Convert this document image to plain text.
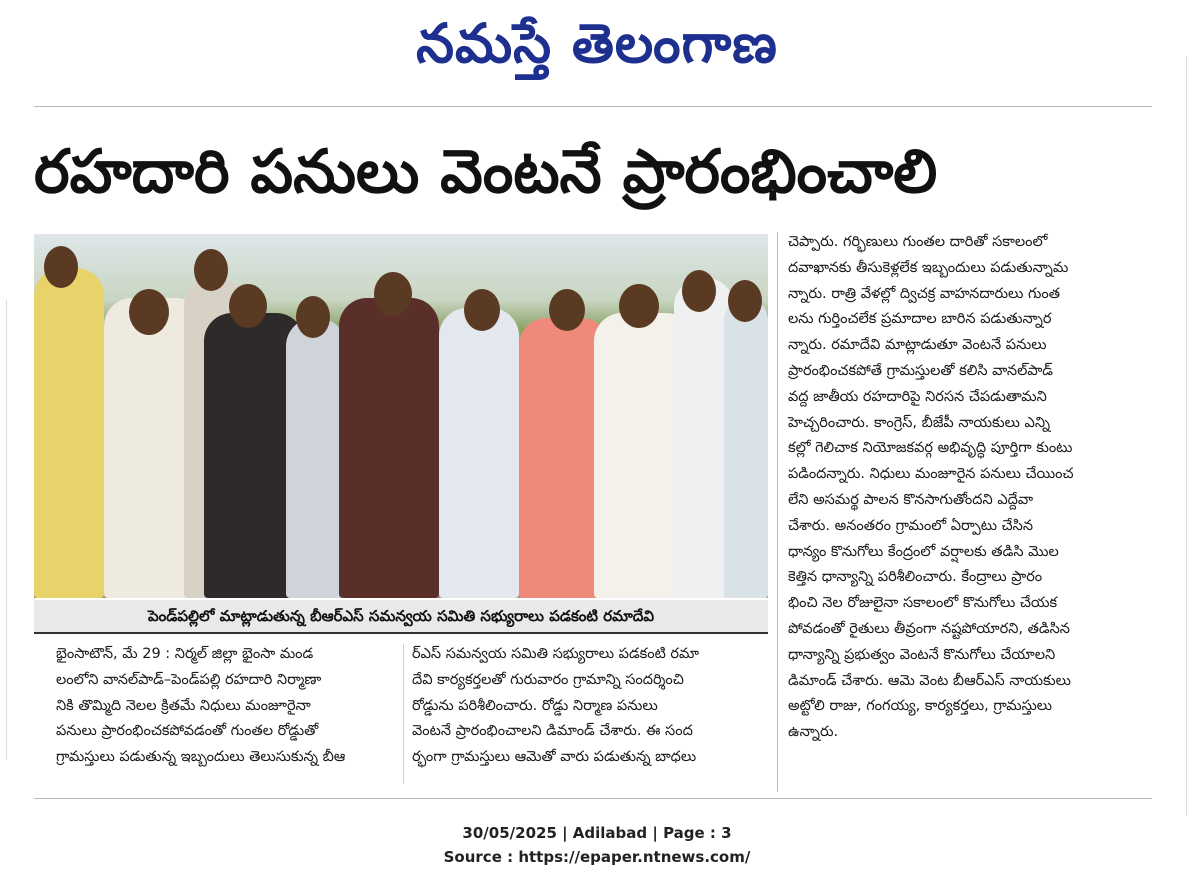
నమస్తే తెలంగాణ
రహదారి పనులు వెంటనే ప్రారంభించాలి
పెండ్‌పల్లిలో మాట్లాడుతున్న బీఆర్‌ఎస్ సమన్వయ సమితి సభ్యురాలు పడకంటి రమాదేవి
భైంసాటౌన్, మే 29 : నిర్మల్ జిల్లా భైంసా మండ
లంలోని వానల్‌పాడ్‌–పెండ్‌పల్లి రహదారి నిర్మాణా
నికి తొమ్మిది నెలల క్రితమే నిధులు మంజూరైనా
పనులు ప్రారంభించకపోవడంతో గుంతల రోడ్డుతో
గ్రామస్తులు పడుతున్న ఇబ్బందులు తెలుసుకున్న బీఆ
ర్‌ఎస్ సమన్వయ సమితి సభ్యురాలు పడకంటి రమా
దేవి కార్యకర్తలతో గురువారం గ్రామాన్ని సందర్శించి
రోడ్డును పరిశీలించారు. రోడ్డు నిర్మాణ పనులు
వెంటనే ప్రారంభించాలని డిమాండ్ చేశారు. ఈ సంద
ర్భంగా గ్రామస్తులు ఆమెతో వారు పడుతున్న బాధలు
చెప్పారు. గర్భిణులు గుంతల దారితో సకాలంలో
దవాఖానకు తీసుకెళ్లలేక ఇబ్బందులు పడుతున్నామ
న్నారు. రాత్రి వేళల్లో ద్విచక్ర వాహనదారులు గుంత
లను గుర్తించలేక ప్రమాదాల బారిన పడుతున్నార
న్నారు. రమాదేవి మాట్లాడుతూ వెంటనే పనులు
ప్రారంభించకపోతే గ్రామస్తులతో కలిసి వానల్‌పాడ్
వద్ద జాతీయ రహదారిపై నిరసన చేపడుతామని
హెచ్చరించారు. కాంగ్రెస్, బీజేపీ నాయకులు ఎన్ని
కల్లో గెలిచాక నియోజకవర్గ అభివృద్ధి పూర్తిగా కుంటు
పడిందన్నారు. నిధులు మంజూరైన పనులు చేయించ
లేని అసమర్థ పాలన కొనసాగుతోందని ఎద్దేవా
చేశారు. అనంతరం గ్రామంలో ఏర్పాటు చేసిన
ధాన్యం కొనుగోలు కేంద్రంలో వర్షాలకు తడిసి మొల
కెత్తిన ధాన్యాన్ని పరిశీలించారు. కేంద్రాలు ప్రారం
భించి నెల రోజులైనా సకాలంలో కొనుగోలు చేయక
పోవడంతో రైతులు తీవ్రంగా నష్టపోయారని, తడిసిన
ధాన్యాన్ని ప్రభుత్వం వెంటనే కొనుగోలు చేయాలని
డిమాండ్ చేశారు. ఆమె వెంట బీఆర్‌ఎస్ నాయకులు
అట్టోలి రాజు, గంగయ్య, కార్యకర్తలు, గ్రామస్తులు
ఉన్నారు.
30/05/2025 | Adilabad | Page : 3
Source : https://epaper.ntnews.com/
